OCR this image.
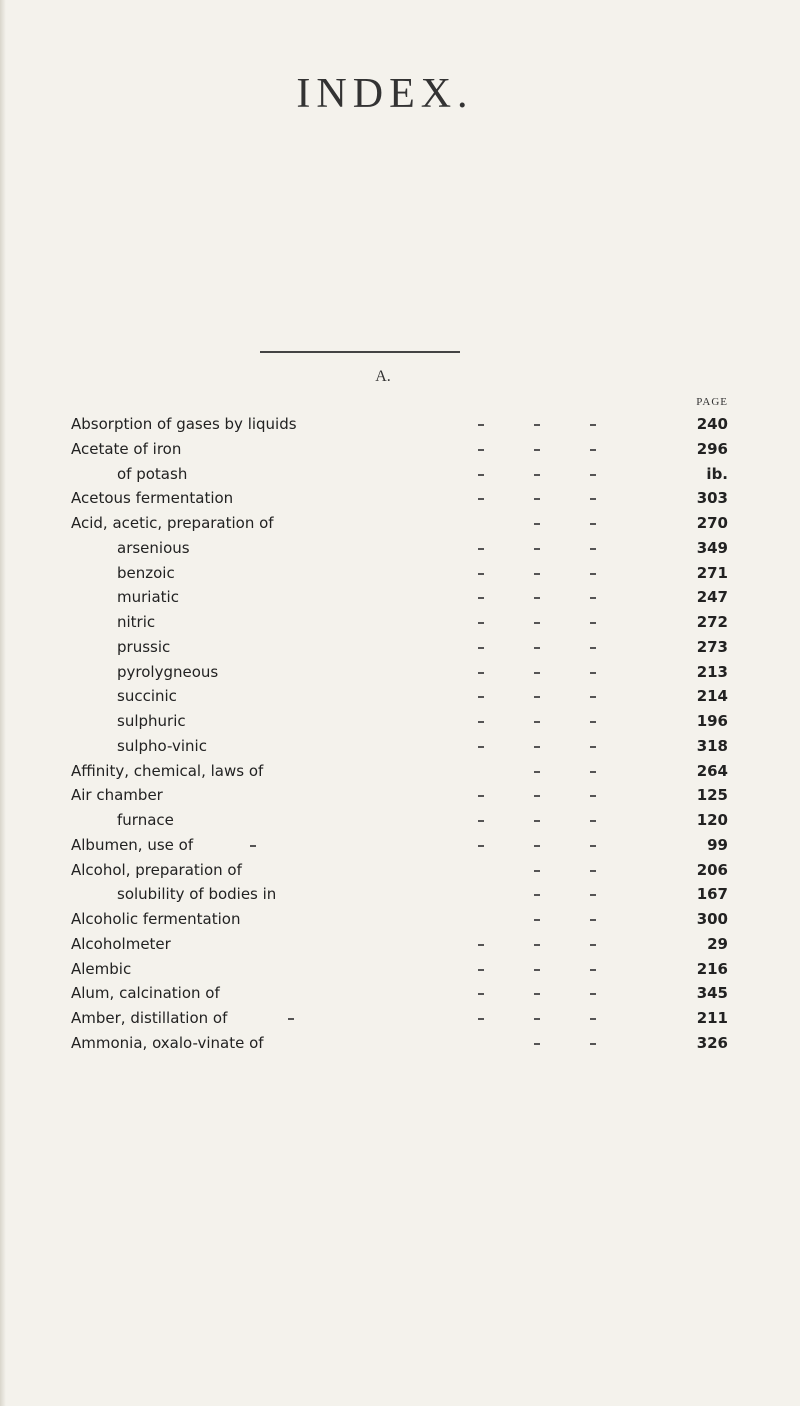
INDEX.
A.
PAGE
Absorption of gases by liquids	240
Acetate of iron	296
of potash	ib.
Acetous fermentation	303
Acid, acetic, preparation of	270
arsenious	349
benzoic	271
muriatic	247
nitric	272
prussic	273
pyrolygneous	213
succinic	214
sulphuric	196
sulpho-vinic	318
Affinity, chemical, laws of	264
Air chamber	125
furnace	120
Albumen, use of	99
Alcohol, preparation of	206
solubility of bodies in	167
Alcoholic fermentation	300
Alcoholmeter	29
Alembic	216
Alum, calcination of	345
Amber, distillation of	211
Ammonia, oxalo-vinate of	326
